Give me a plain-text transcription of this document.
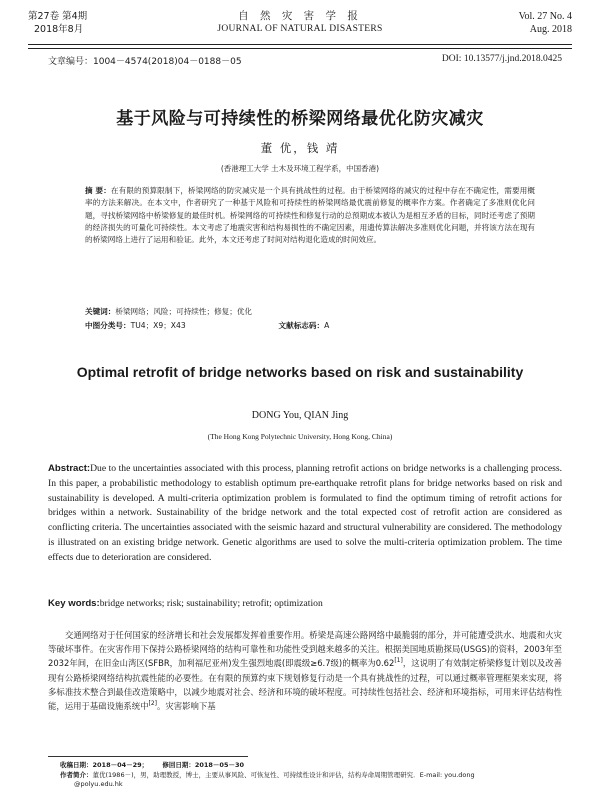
第27卷 第4期
2018年8月
自 然 灾 害 学 报
JOURNAL OF NATURAL DISASTERS
Vol. 27 No. 4
Aug. 2018
文章编号：1004－4574(2018)04－0188－05	DOI: 10.13577/j.jnd.2018.0425
基于风险与可持续性的桥梁网络最优化防灾减灾
董 优，钱 靖
(香港理工大学 土木及环境工程学系，中国香港)
摘 要：在有限的预算限制下，桥梁网络的防灾减灾是一个具有挑战性的过程。由于桥梁网络的减灾的过程中存在不确定性，需要用概率的方法来解决。在本文中，作者研究了一种基于风险和可持续性的桥梁网络最优震前修复的概率作方案。作者确定了多准则优化问题，寻找桥梁网络中桥梁修复的最佳时机。桥梁网络的可持续性和修复行动的总预期成本被认为是相互矛盾的目标，同时还考虑了预期的经济损失的可量化可持续性。本文考虑了地震灾害和结构易损性的不确定因素，用遗传算法解决多准则优化问题，并将该方法在现有的桥梁网络上进行了运用和验证。此外，本文还考虑了时间对结构退化造成的时间效应。
关键词：桥梁网络；风险；可持续性；修复；优化
中图分类号：TU4；X9；X43	文献标志码：A
Optimal retrofit of bridge networks based on risk and sustainability
DONG You, QIAN Jing
(The Hong Kong Polytechnic University, Hong Kong, China)
Abstract:Due to the uncertainties associated with this process, planning retrofit actions on bridge networks is a challenging process. In this paper, a probabilistic methodology to establish optimum pre-earthquake retrofit plans for bridge networks based on risk and sustainability is developed. A multi-criteria optimization problem is formulated to find the optimum timing of retrofit actions for bridges within a network. Sustainability of the bridge network and the total expected cost of retrofit action are considered as conflicting criteria. The uncertainties associated with the seismic hazard and structural vulnerability are considered. The methodology is illustrated on an existing bridge network. Genetic algorithms are used to solve the multi-criteria optimization problem. The time effects due to deterioration are considered.
Key words:bridge networks; risk; sustainability; retrofit; optimization
交通网络对于任何国家的经济增长和社会发展都发挥着重要作用。桥梁是高速公路网络中最脆弱的部分，并可能遭受洪水、地震和火灾等破坏事件。在灾害作用下保持公路桥梁网络的结构可靠性和功能性受到越来越多的关注。根据美国地质勘探局(USGS)的资料，2003年至2032年间，在旧金山湾区(SFBR，加利福尼亚州)发生强烈地震(即震级≥6.7级)的概率为0.62[1]，这说明了有效制定桥梁修复计划以及改善现有公路桥梁网络结构抗震性能的必要性。在有限的预算约束下规划修复行动是一个具有挑战性的过程，可以通过概率管理框架来实现，将多标准技术整合到最佳改造策略中，以减少地震对社会、经济和环境的破坏程度。可持续性包括社会、经济和环境指标，可用来评估结构性能，运用于基础设施系统中[2]。灾害影响下基
收稿日期：2018－04－29； 修回日期：2018－05－30
作者简介：董优(1986－)，男，助理教授，博士，主要从事风险、可恢复性、可持续性设计和评估，结构寿命周期管理研究．E-mail: you.dong
@polyu.edu.hk
